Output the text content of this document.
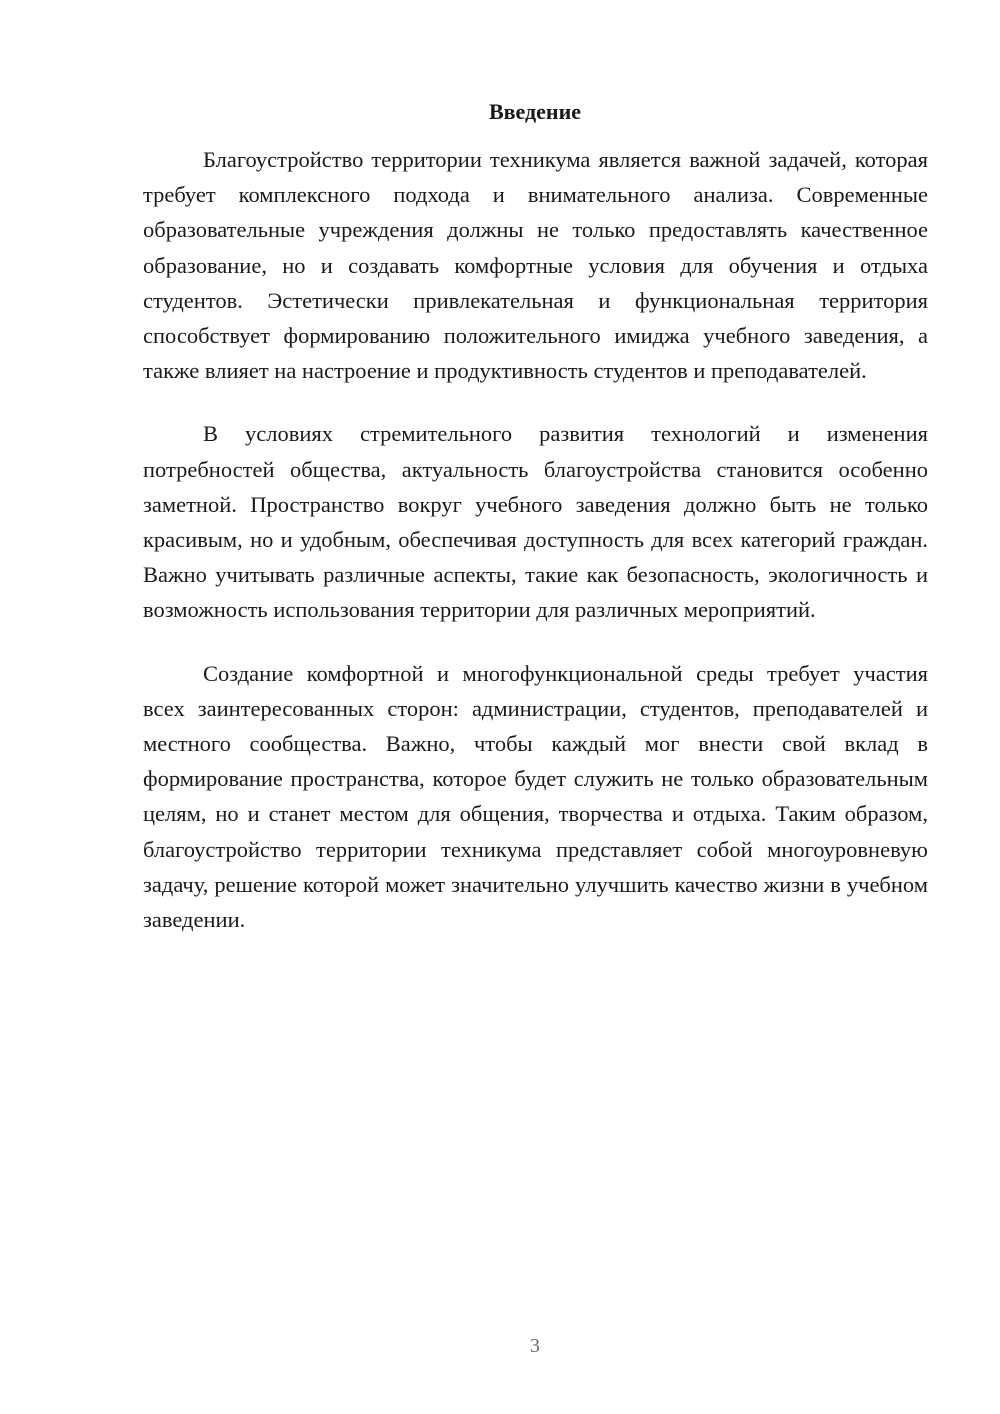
Введение

Благоустройство территории техникума является важной задачей, которая требует комплексного подхода и внимательного анализа. Современные образовательные учреждения должны не только предоставлять качественное образование, но и создавать комфортные условия для обучения и отдыха студентов. Эстетически привлекательная и функциональная территория способствует формированию положительного имиджа учебного заведения, а также влияет на настроение и продуктивность студентов и преподавателей.

В условиях стремительного развития технологий и изменения потребностей общества, актуальность благоустройства становится особенно заметной. Пространство вокруг учебного заведения должно быть не только красивым, но и удобным, обеспечивая доступность для всех категорий граждан. Важно учитывать различные аспекты, такие как безопасность, экологичность и возможность использования территории для различных мероприятий.

Создание комфортной и многофункциональной среды требует участия всех заинтересованных сторон: администрации, студентов, преподавателей и местного сообщества. Важно, чтобы каждый мог внести свой вклад в формирование пространства, которое будет служить не только образовательным целям, но и станет местом для общения, творчества и отдыха. Таким образом, благоустройство территории техникума представляет собой многоуровневую задачу, решение которой может значительно улучшить качество жизни в учебном заведении.

3
